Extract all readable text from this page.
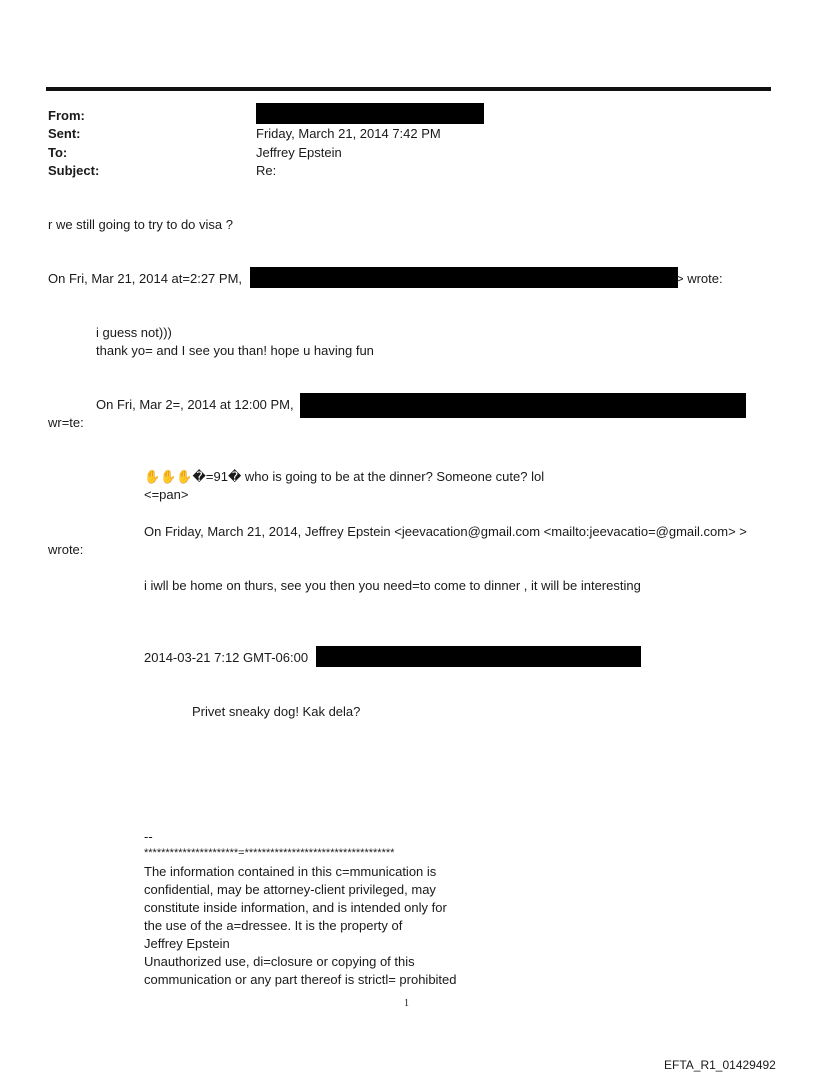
From:
Sent:
To:
Subject:
Friday, March 21, 2014 7:42 PM
Jeffrey Epstein
Re:
r we still going to try to do visa ?
On Fri, Mar 21, 2014 at=2:27 PM,	> wrote:
i guess not)))
thank yo= and I see you than! hope u having fun
On Fri, Mar 2=, 2014 at 12:00 PM,
wr=te:
✋✋✋�=91� who is going to be at the dinner? Someone cute? lol
<=pan>
On Friday, March 21, 2014, Jeffrey Epstein <jeevacation@gmail.com <mailto:jeevacatio=@gmail.com> >
wrote:
i iwll be home on thurs, see you then you need=to come to dinner , it will be interesting
2014-03-21 7:12 GMT-06:00
Privet sneaky dog! Kak dela?
--
**********************=***********************************
The information contained in this c=mmunication is
confidential, may be attorney-client privileged, may
constitute inside information, and is intended only for
the use of the a=dressee. It is the property of
Jeffrey Epstein
Unauthorized use, di=closure or copying of this
communication or any part thereof is strictl= prohibited
1
EFTA_R1_01429492
